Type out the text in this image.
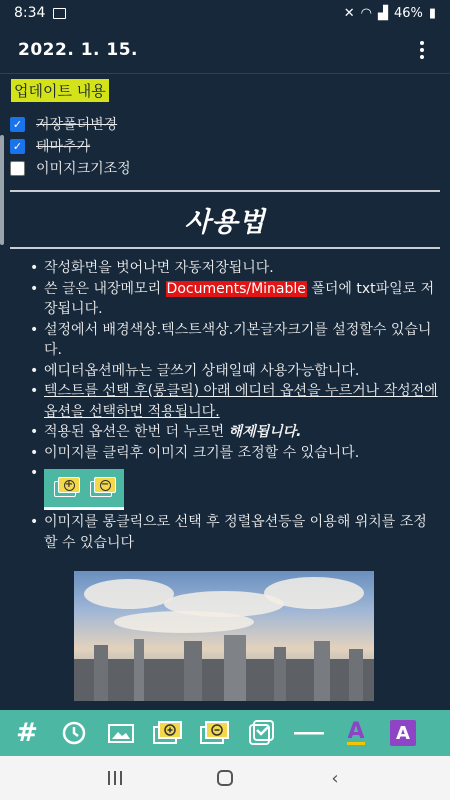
8:34	✕ ◠ ▟ 46% ▮
2022. 1. 15.
업데이트 내용
✓ 저장폴더변경
✓ 테마추가
이미지크기조정
사용법
• 작성화면을 벗어나면 자동저장됩니다.
• 쓴 글은 내장메모리 Documents/Minable 폴더에 txt파일로 저장됩니다.
• 설정에서 배경색상.텍스트색상.기본글자크기를 설정할수 있습니다.
• 에디터옵션메뉴는 글쓰기 상태일때 사용가능합니다.
• 텍스트를 선택 후(롱클릭) 아래 에디터 옵션을 누르거나 작성전에 옵션을 선택하면 적용됩니다.
• 적용된 옵션은 한번 더 누르면 해제됩니다.
• 이미지를 클릭후 이미지 크기를 조정할 수 있습니다.
• +	−
• 이미지를 롱클릭으로 선택 후 정렬옵션등을 이용해 위치를 조정할 수 있습니다
#	A	A
‹
